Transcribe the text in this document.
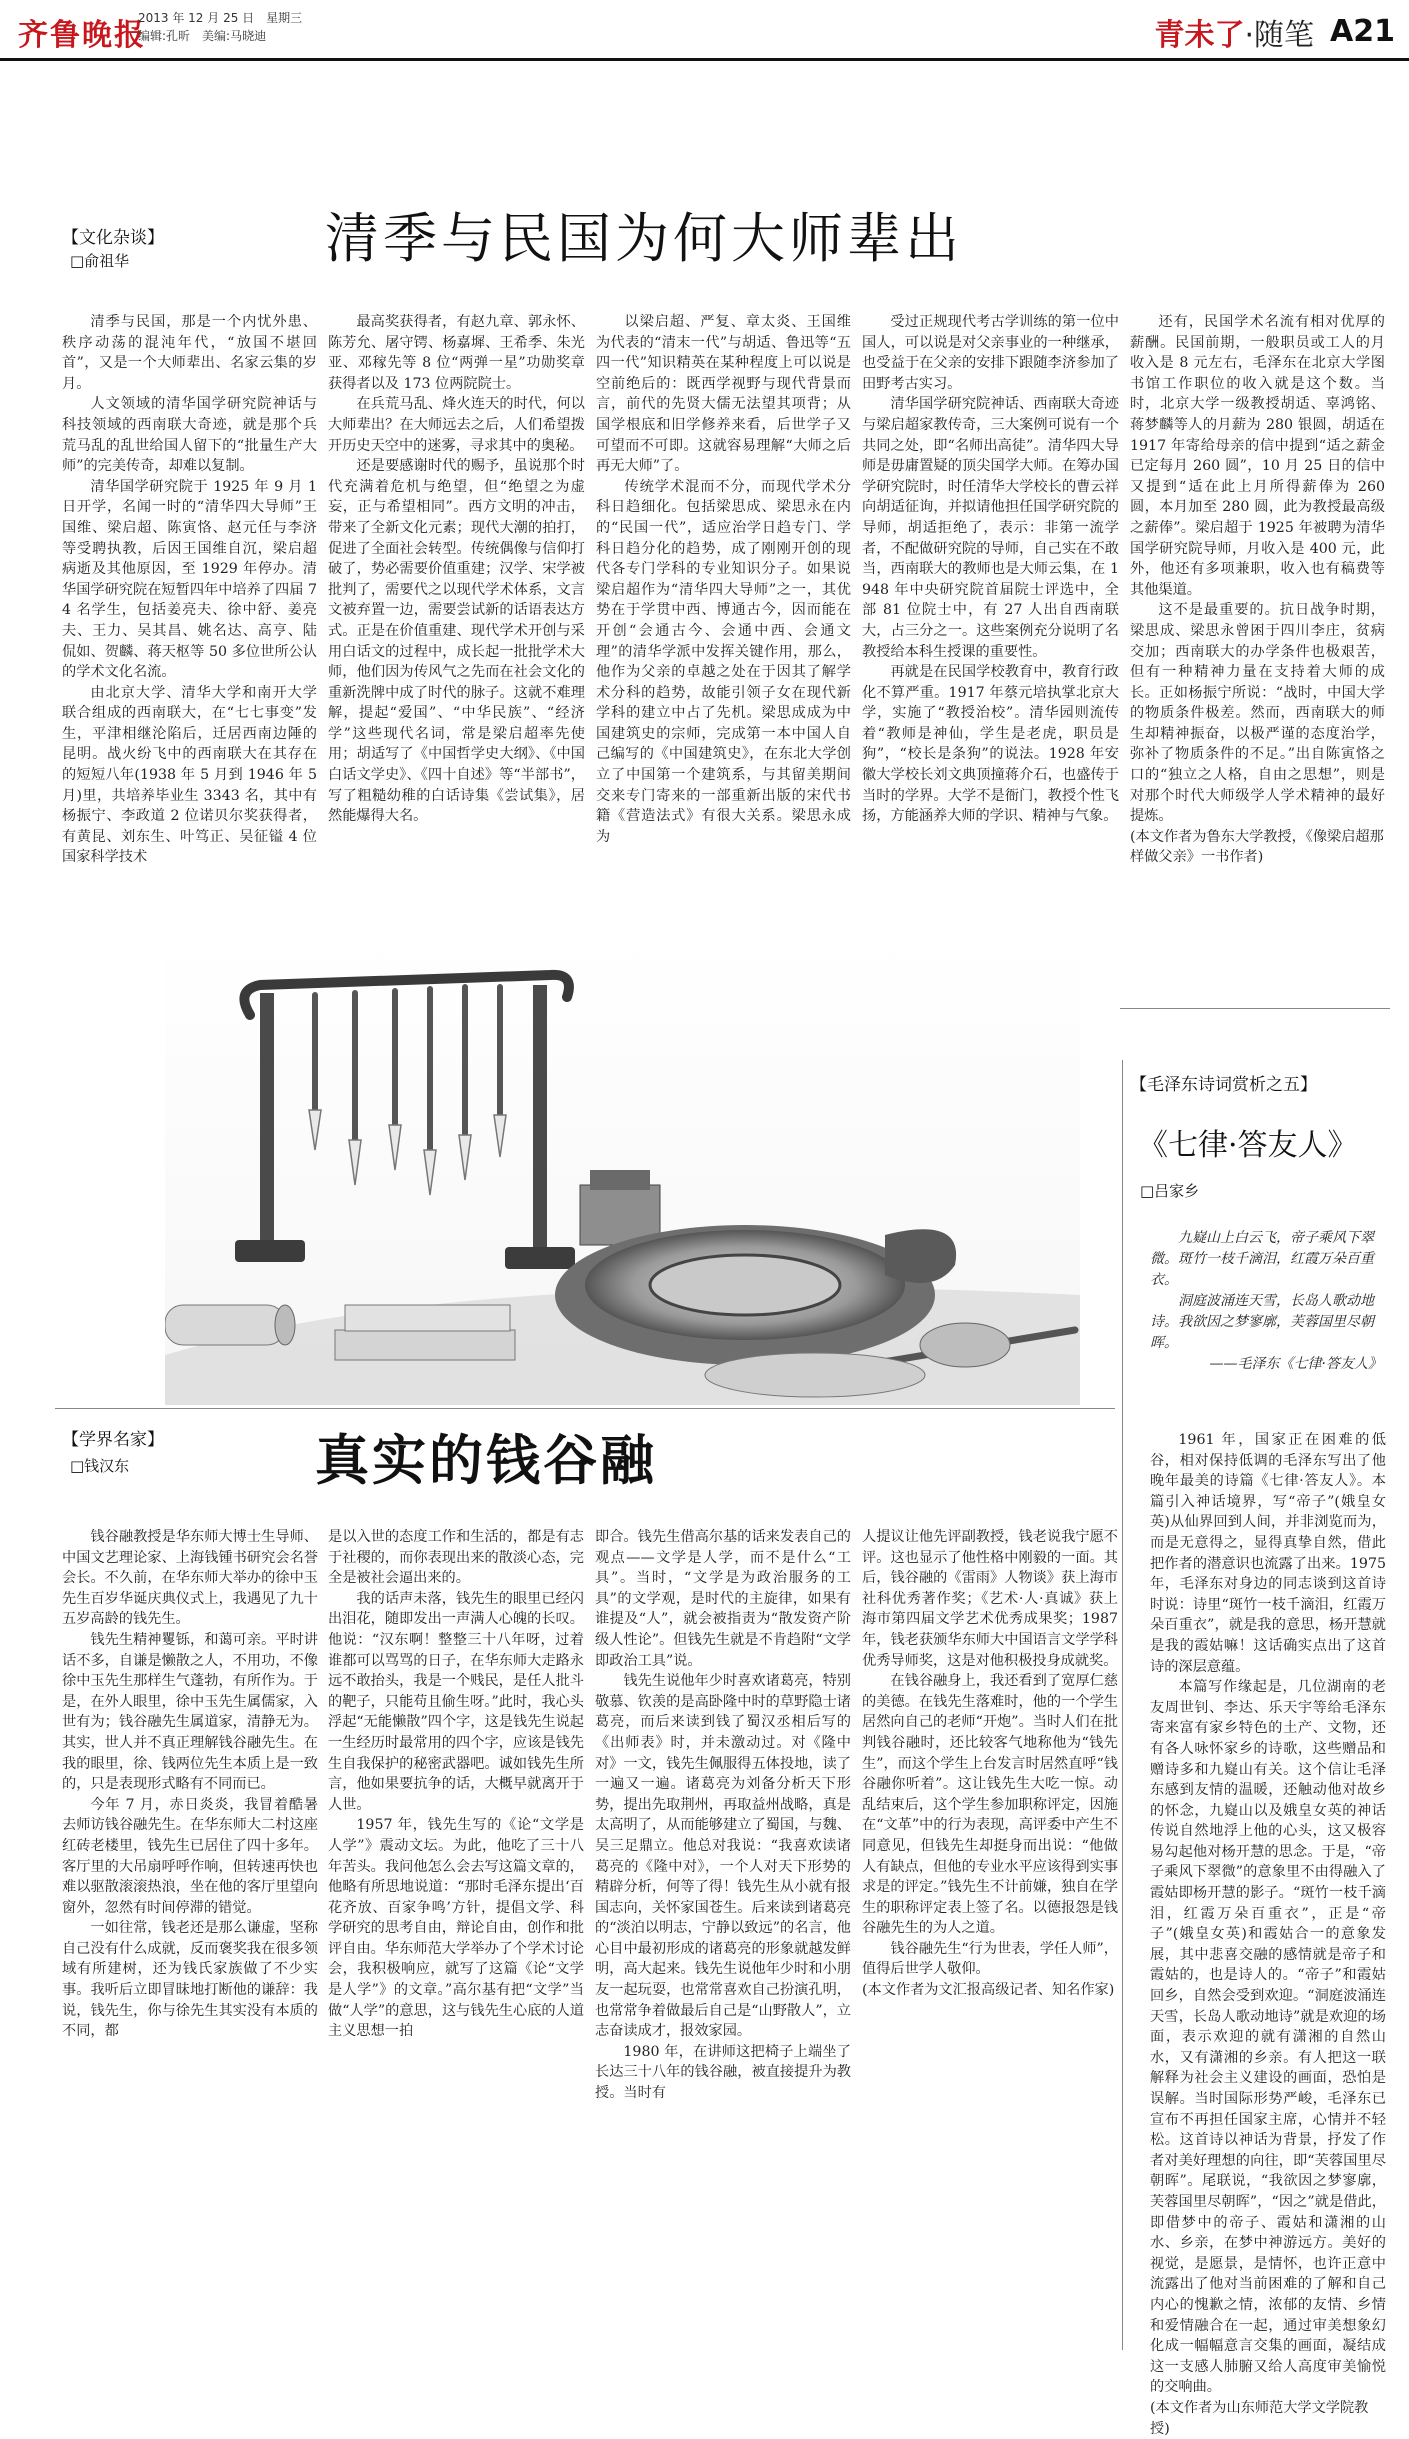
齐鲁晚报
2013 年 12 月 25 日　星期三
编辑:孔昕　美编:马晓迪	青未了·随笔 A21
【文化杂谈】
□俞祖华	清季与民国为何大师辈出

清季与民国，那是一个内忧外患、秩序动荡的混沌年代，“放国不堪回首”，又是一个大师辈出、名家云集的岁月。

人文领域的清华国学研究院神话与科技领域的西南联大奇迹，就是那个兵荒马乱的乱世给国人留下的“批量生产大师”的完美传奇，却难以复制。

清华国学研究院于 1925 年 9 月 1 日开学，名闻一时的“清华四大导师”王国维、梁启超、陈寅恪、赵元任与李济等受聘执教，后因王国维自沉，梁启超病逝及其他原因，至 1929 年停办。清华国学研究院在短暂四年中培养了四届 74 名学生，包括姜亮夫、徐中舒、姜亮夫、王力、吴其昌、姚名达、高亨、陆侃如、贺麟、蒋天枢等 50 多位世所公认的学术文化名流。

由北京大学、清华大学和南开大学联合组成的西南联大，在“七七事变”发生，平津相继沦陷后，迁居西南边陲的昆明。战火纷飞中的西南联大在其存在的短短八年(1938 年 5 月到 1946 年 5 月)里，共培养毕业生 3343 名，其中有杨振宁、李政道 2 位诺贝尔奖获得者，有黄昆、刘东生、叶笃正、吴征镒 4 位国家科学技术

最高奖获得者，有赵九章、郭永怀、陈芳允、屠守锷、杨嘉墀、王希季、朱光亚、邓稼先等 8 位“两弹一星”功勋奖章获得者以及 173 位两院院士。

在兵荒马乱、烽火连天的时代，何以大师辈出？在大师远去之后，人们希望拨开历史天空中的迷雾，寻求其中的奥秘。

还是要感谢时代的赐予，虽说那个时代充满着危机与绝望，但“绝望之为虚妄，正与希望相同”。西方文明的冲击，带来了全新文化元素；现代大潮的拍打，促进了全面社会转型。传统偶像与信仰打破了，势必需要价值重建；汉学、宋学被批判了，需要代之以现代学术体系，文言文被弃置一边，需要尝试新的话语表达方式。正是在价值重建、现代学术开创与采用白话文的过程中，成长起一批批学术大师，他们因为传风气之先而在社会文化的重新洗牌中成了时代的脉子。这就不难理解，提起“爱国”、“中华民族”、“经济学”这些现代名词，常是梁启超率先使用；胡适写了《中国哲学史大纲》、《中国白话文学史》、《四十自述》等“半部书”，写了粗糙幼稚的白话诗集《尝试集》，居然能爆得大名。

以梁启超、严复、章太炎、王国维为代表的“清末一代”与胡适、鲁迅等“五四一代”知识精英在某种程度上可以说是空前绝后的：既西学视野与现代背景而言，前代的先贤大儒无法望其项背；从国学根底和旧学修养来看，后世学子又可望而不可即。这就容易理解“大师之后再无大师”了。

传统学术混而不分，而现代学术分科日趋细化。包括梁思成、梁思永在内的“民国一代”，适应治学日趋专门、学科日趋分化的趋势，成了刚刚开创的现代各专门学科的专业知识分子。如果说梁启超作为“清华四大导师”之一，其优势在于学贯中西、博通古今，因而能在开创“会通古今、会通中西、会通文理”的清华学派中发挥关键作用，那么，他作为父亲的卓越之处在于因其了解学术分科的趋势，故能引领子女在现代新学科的建立中占了先机。梁思成成为中国建筑史的宗师，完成第一本中国人自己编写的《中国建筑史》，在东北大学创立了中国第一个建筑系，与其留美期间交来专门寄来的一部重新出版的宋代书籍《营造法式》有很大关系。梁思永成为

受过正规现代考古学训练的第一位中国人，可以说是对父亲事业的一种继承，也受益于在父亲的安排下跟随李济参加了田野考古实习。

清华国学研究院神话、西南联大奇迹与梁启超家教传奇，三大案例可说有一个共同之处，即“名师出高徒”。清华四大导师是毋庸置疑的顶尖国学大师。在筹办国学研究院时，时任清华大学校长的曹云祥向胡适征询，并拟请他担任国学研究院的导师，胡适拒绝了，表示：非第一流学者，不配做研究院的导师，自己实在不敢当，西南联大的教师也是大师云集，在 1948 年中央研究院首届院士评选中，全部 81 位院士中，有 27 人出自西南联大，占三分之一。这些案例充分说明了名教授给本科生授课的重要性。

再就是在民国学校教育中，教育行政化不算严重。1917 年蔡元培执掌北京大学，实施了“教授治校”。清华园则流传着“教师是神仙，学生是老虎，职员是狗”，“校长是条狗”的说法。1928 年安徽大学校长刘文典顶撞蒋介石，也盛传于当时的学界。大学不是衙门，教授个性飞扬，方能涵养大师的学识、精神与气象。

还有，民国学术名流有相对优厚的薪酬。民国前期，一般职员或工人的月收入是 8 元左右，毛泽东在北京大学图书馆工作职位的收入就是这个数。当时，北京大学一级教授胡适、辜鸿铭、蒋梦麟等人的月薪为 280 银圆，胡适在 1917 年寄给母亲的信中提到“适之薪金已定每月 260 圆”，10 月 25 日的信中又提到“适在此上月所得薪俸为 260 圆，本月加至 280 圆，此为教授最高级之薪俸”。梁启超于 1925 年被聘为清华国学研究院导师，月收入是 400 元，此外，他还有多项兼职，收入也有稿费等其他渠道。

这不是最重要的。抗日战争时期，梁思成、梁思永曾困于四川李庄，贫病交加；西南联大的办学条件也极艰苦，但有一种精神力量在支持着大师的成长。正如杨振宁所说：“战时，中国大学的物质条件极差。然而，西南联大的师生却精神振奋，以极严谨的态度治学，弥补了物质条件的不足。”出自陈寅恪之口的“独立之人格，自由之思想”，则是对那个时代大师级学人学术精神的最好提炼。

(本文作者为鲁东大学教授，《像梁启超那样做父亲》一书作者)

【毛泽东诗词赏析之五】
《七律·答友人》
□吕家乡

九嶷山上白云飞，帝子乘风下翠微。斑竹一枝千滴泪，红霞万朵百重衣。

洞庭波涌连天雪，长岛人歌动地诗。我欲因之梦寥廓，芙蓉国里尽朝晖。

——毛泽东《七律·答友人》

1961 年，国家正在困难的低谷，相对保持低调的毛泽东写出了他晚年最美的诗篇《七律·答友人》。本篇引入神话境界，写“帝子”(娥皇女英)从仙界回到人间，并非浏览而为，而是无意得之，显得真挚自然，借此把作者的潜意识也流露了出来。1975 年，毛泽东对身边的同志谈到这首诗时说：诗里“斑竹一枝千滴泪，红霞万朵百重衣”，就是我的意思，杨开慧就是我的霞姑嘛！这话确实点出了这首诗的深层意蕴。

本篇写作缘起是，几位湖南的老友周世钊、李达、乐天宇等给毛泽东寄来富有家乡特色的土产、文物，还有各人咏怀家乡的诗歌，这些赠品和赠诗多和九嶷山有关。这个信让毛泽东感到友情的温暖，还触动他对故乡的怀念，九嶷山以及娥皇女英的神话传说自然地浮上他的心头，这又极容易勾起他对杨开慧的思念。于是，“帝子乘风下翠微”的意象里不由得融入了霞姑即杨开慧的影子。“斑竹一枝千滴泪，红霞万朵百重衣”，正是“帝子”(娥皇女英)和霞姑合一的意象发展，其中悲喜交融的感情就是帝子和霞姑的，也是诗人的。“帝子”和霞姑回乡，自然会受到欢迎。“洞庭波涌连天雪，长岛人歌动地诗”就是欢迎的场面，表示欢迎的就有潇湘的自然山水，又有潇湘的乡亲。有人把这一联解释为社会主义建设的画面，恐怕是误解。当时国际形势严峻，毛泽东已宣布不再担任国家主席，心情并不轻松。这首诗以神话为背景，抒发了作者对美好理想的向往，即“芙蓉国里尽朝晖”。尾联说，“我欲因之梦寥廓，芙蓉国里尽朝晖”，“因之”就是借此，即借梦中的帝子、霞姑和潇湘的山水、乡亲，在梦中神游远方。美好的视觉，是愿景，是情怀，也许正意中流露出了他对当前困难的了解和自己内心的愧歉之情，浓郁的友情、乡情和爱情融合在一起，通过审美想象幻化成一幅幅意言交集的画面，凝结成这一支感人肺腑又给人高度审美愉悦的交响曲。

(本文作者为山东师范大学文学院教授)

【学界名家】
□钱汉东	真实的钱谷融

钱谷融教授是华东师大博士生导师、中国文艺理论家、上海钱锺书研究会名誉会长。不久前，在华东师大举办的徐中玉先生百岁华诞庆典仪式上，我遇见了九十五岁高龄的钱先生。

钱先生精神矍铄，和蔼可亲。平时讲话不多，自谦是懒散之人，不用功，不像徐中玉先生那样生气蓬勃，有所作为。于是，在外人眼里，徐中玉先生属儒家，入世有为；钱谷融先生属道家，清静无为。其实，世人并不真正理解钱谷融先生。在我的眼里，徐、钱两位先生本质上是一致的，只是表现形式略有不同而已。

今年 7 月，赤日炎炎，我冒着酷暑去师访钱谷融先生。在华东师大二村这座红砖老楼里，钱先生已居住了四十多年。客厅里的大吊扇呼呼作响，但转速再快也难以驱散滚滚热浪，坐在他的客厅里望向窗外，忽然有时间停滞的错觉。

一如往常，钱老还是那么谦虚，坚称自己没有什么成就，反而褒奖我在很多领域有所建树，还为钱氏家族做了不少实事。我听后立即冒昧地打断他的谦辞：我说，钱先生，你与徐先生其实没有本质的不同，都

是以入世的态度工作和生活的，都是有志于社稷的，而你表现出来的散淡心态，完全是被社会逼出来的。

我的话声未落，钱先生的眼里已经闪出泪花，随即发出一声满人心魄的长叹。他说：“汉东啊！整整三十八年呀，过着谁都可以骂骂的日子，在华东师大走路永远不敢抬头，我是一个贱民，是任人批斗的靶子，只能苟且偷生呀。”此时，我心头浮起“无能懒散”四个字，这是钱先生说起一生经历时最常用的四个字，应该是钱先生自我保护的秘密武器吧。诚如钱先生所言，他如果要抗争的话，大概早就离开于人世。

1957 年，钱先生写的《论“文学是人学”》震动文坛。为此，他吃了三十八年苦头。我问他怎么会去写这篇文章的，他略有所思地说道：“那时毛泽东提出‘百花齐放、百家争鸣’方针，提倡文学、科学研究的思考自由，辩论自由，创作和批评自由。华东师范大学举办了个学术讨论会，我积极响应，就写了这篇《论“文学是人学”》的文章。”高尔基有把“文学”当做“人学”的意思，这与钱先生心底的人道主义思想一拍

即合。钱先生借高尔基的话来发表自己的观点——文学是人学，而不是什么“工具”。当时，“文学是为政治服务的工具”的文学观，是时代的主旋律，如果有谁提及“人”，就会被指责为“散发资产阶级人性论”。但钱先生就是不肯趋附“文学即政治工具”说。

钱先生说他年少时喜欢诸葛亮，特别敬慕、钦羡的是高卧隆中时的草野隐士诸葛亮，而后来读到钱了蜀汉丞相后写的《出师表》时，并未激动过。对《隆中对》一文，钱先生佩服得五体投地，读了一遍又一遍。诸葛亮为刘备分析天下形势，提出先取荆州，再取益州战略，真是太高明了，从而能够建立了蜀国，与魏、吴三足鼎立。他总对我说：“我喜欢读诸葛亮的《隆中对》，一个人对天下形势的精辟分析，何等了得！钱先生从小就有报国志向，关怀家国苍生。后来读到诸葛亮的“淡泊以明志，宁静以致远”的名言，他心目中最初形成的诸葛亮的形象就越发鲜明，高大起来。钱先生说他年少时和小朋友一起玩耍，也常常喜欢自己扮演孔明，也常常争着做最后自己是“山野散人”，立志奋读成才，报效家园。

1980 年，在讲师这把椅子上端坐了长达三十八年的钱谷融，被直接提升为教授。当时有

人提议让他先评副教授，钱老说我宁愿不评。这也显示了他性格中刚毅的一面。其后，钱谷融的《雷雨》人物谈》获上海市社科优秀著作奖；《艺术·人·真诚》获上海市第四届文学艺术优秀成果奖；1987 年，钱老获颁华东师大中国语言文学学科优秀导师奖，这是对他积极投身成就奖。

在钱谷融身上，我还看到了宽厚仁慈的美德。在钱先生落难时，他的一个学生居然向自己的老师“开炮”。当时人们在批判钱谷融时，还比较客气地称他为“钱先生”，而这个学生上台发言时居然直呼“钱谷融你听着”。这让钱先生大吃一惊。动乱结束后，这个学生参加职称评定，因施在“文革”中的行为表现，高评委中产生不同意见，但钱先生却挺身而出说：“他做人有缺点，但他的专业水平应该得到实事求是的评定。”钱先生不计前嫌，独自在学生的职称评定表上签了名。以德报怨是钱谷融先生的为人之道。

钱谷融先生“行为世表，学任人师”，值得后世学人敬仰。

(本文作者为文汇报高级记者、知名作家)
